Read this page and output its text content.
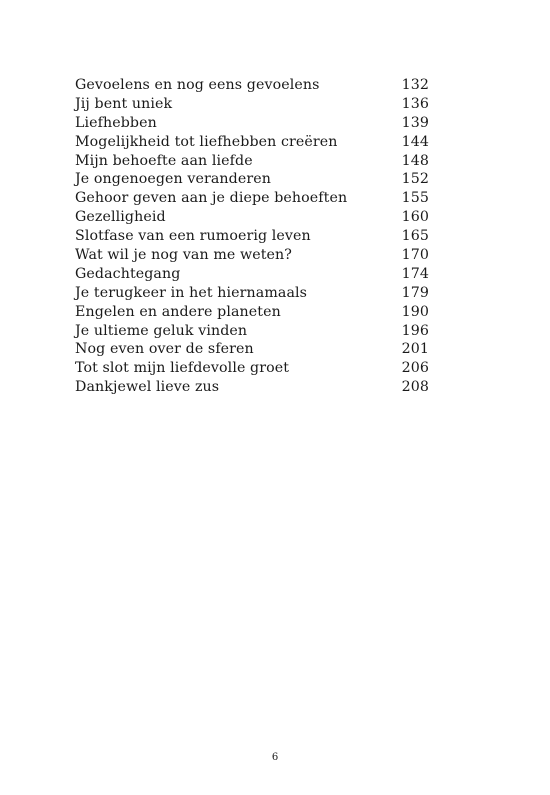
Gevoelens en nog eens gevoelens	132
Jij bent uniek	136
Liefhebben	139
Mogelijkheid tot liefhebben creëren	144
Mijn behoefte aan liefde	148
Je ongenoegen veranderen	152
Gehoor geven aan je diepe behoeften	155
Gezelligheid	160
Slotfase van een rumoerig leven	165
Wat wil je nog van me weten?	170
Gedachtegang	174
Je terugkeer in het hiernamaals	179
Engelen en andere planeten	190
Je ultieme geluk vinden	196
Nog even over de sferen	201
Tot slot mijn liefdevolle groet	206
Dankjewel lieve zus	208
6
